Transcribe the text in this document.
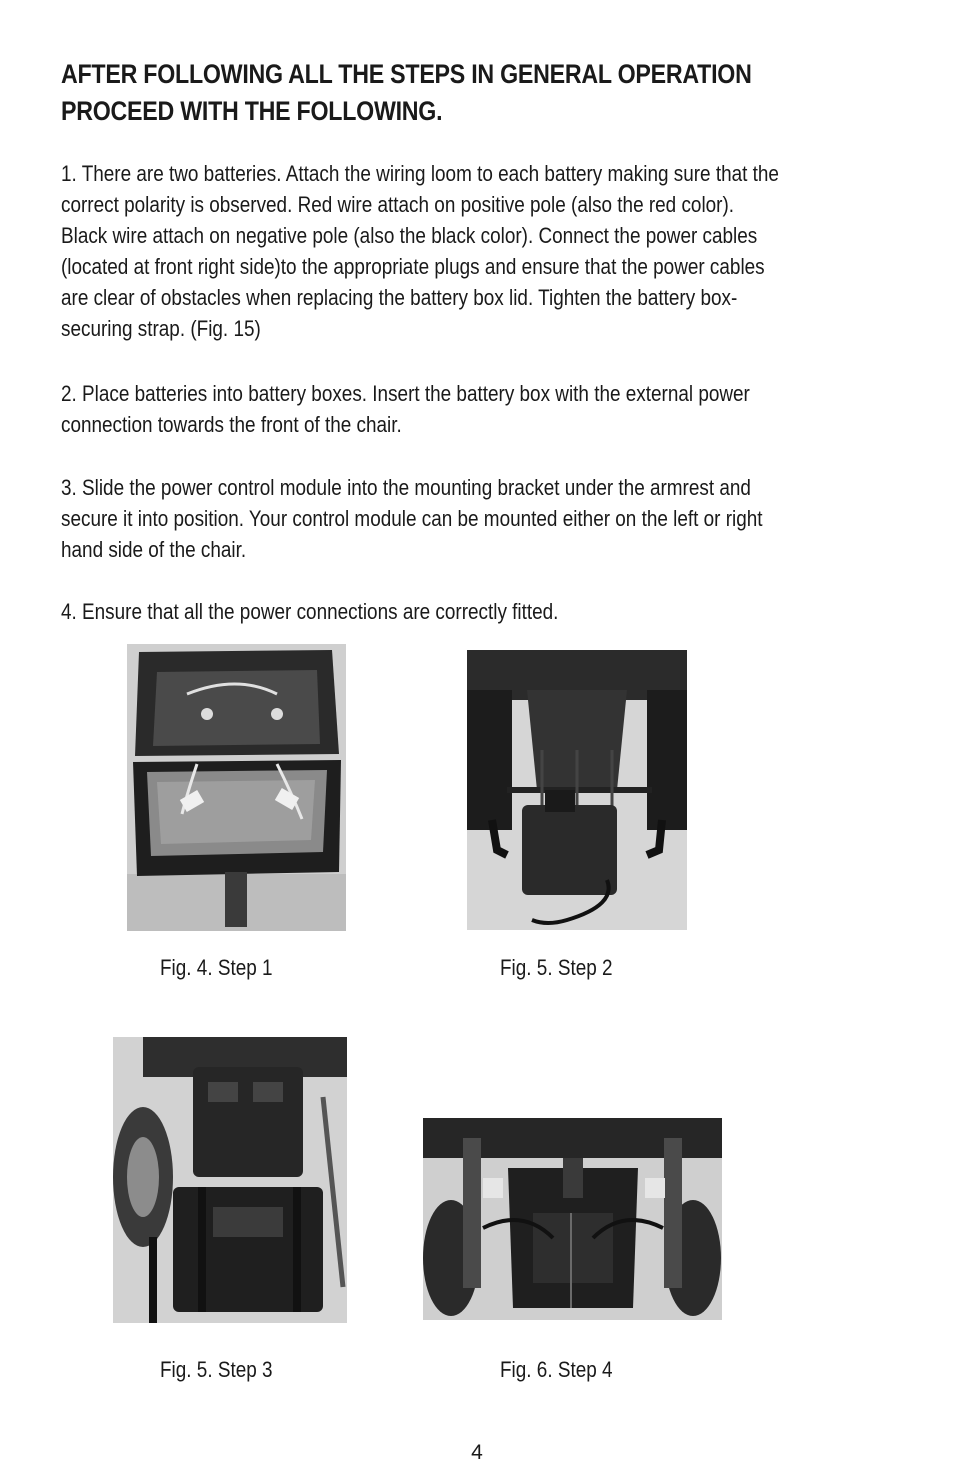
AFTER FOLLOWING ALL THE STEPS IN GENERAL OPERATION
PROCEED WITH THE FOLLOWING.

1. There are two batteries. Attach the wiring loom to each battery making sure that the
correct polarity is observed. Red wire attach on positive pole (also the red color).
Black wire attach on negative pole (also the black color). Connect the power cables
(located at front right side)to the appropriate plugs and ensure that the power cables
are clear of obstacles when replacing the battery box lid. Tighten the battery box-
securing strap. (Fig. 15)

2. Place batteries into battery boxes. Insert the battery box with the external power
connection towards the front of the chair.

3. Slide the power control module into the mounting bracket under the armrest and
secure it into position. Your control module can be mounted either on the left or right
hand side of the chair.

4. Ensure that all the power connections are correctly fitted.

Fig. 4. Step 1	Fig. 5. Step 2

Fig. 5. Step 3	Fig. 6. Step 4

4
